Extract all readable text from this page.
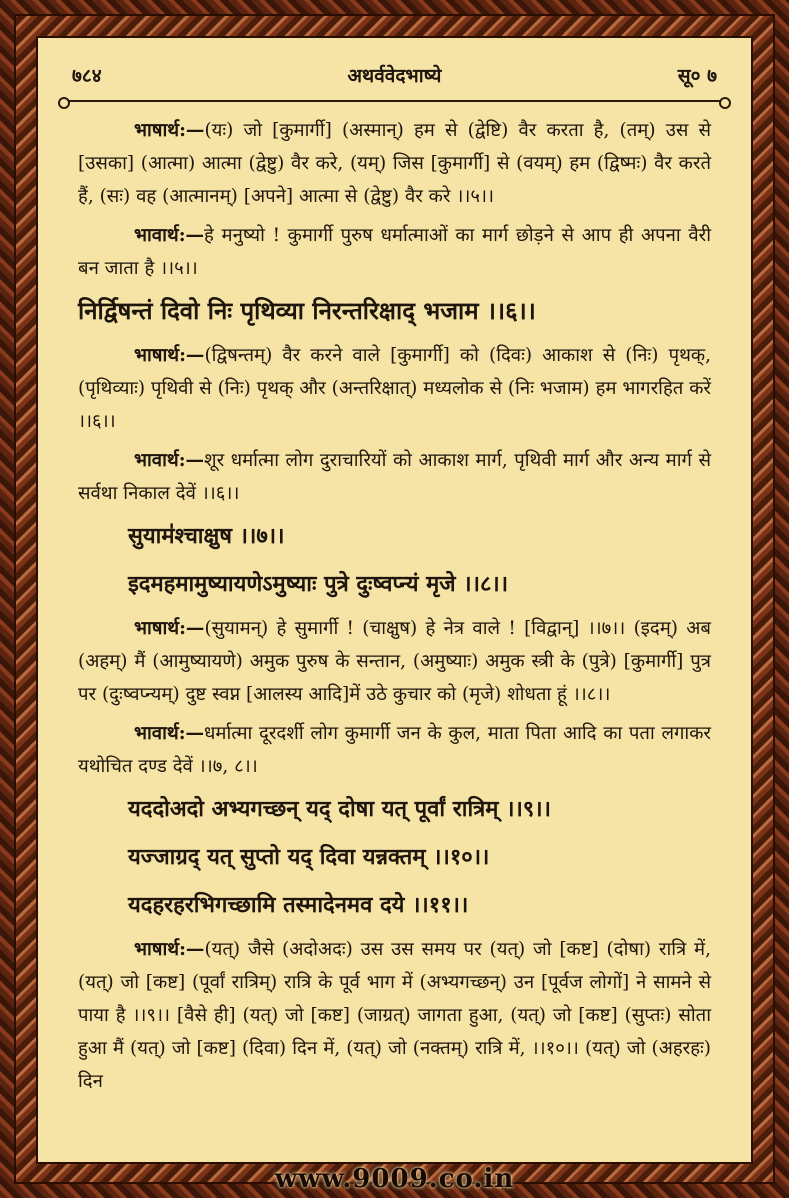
अथर्ववेदभाष्ये
७८४	सू० ७

भाषार्थ:—(यः) जो [कुमार्गी] (अस्मान्) हम से (द्वेष्टि) वैर करता है, (तम्) उस से [उसका] (आत्मा) आत्मा (द्वेष्टु) वैर करे, (यम्) जिस [कुमार्गी] से (वयम्) हम (द्विष्मः) वैर करते हैं, (सः) वह (आत्मानम्) [अपने] आत्मा से (द्वेष्टु) वैर करे ।।५।।

भावार्थ:—हे मनुष्यो ! कुमार्गी पुरुष धर्मात्माओं का मार्ग छोड़ने से आप ही अपना वैरी बन जाता है ।।५।।

निर्द्विषन्तं दिवो निः पृथिव्या निरन्तरिक्षाद् भजाम ।।६।।

भाषार्थ:—(द्विषन्तम्) वैर करने वाले [कुमार्गी] को (दिवः) आकाश से (निः) पृथक्, (पृथिव्याः) पृथिवी से (निः) पृथक् और (अन्तरिक्षात्) मध्यलोक से (निः भजाम) हम भागरहित करें ।।६।।

भावार्थ:—शूर धर्मात्मा लोग दुराचारियों को आकाश मार्ग, पृथिवी मार्ग और अन्य मार्ग से सर्वथा निकाल देवें ।।६।।

सुयाम॑श्चाक्षुष ।।७।।

इदमहमामुष्यायणेऽमुष्याः पुत्रे दुःष्वप्न्यं मृजे ।।८।।

भाषार्थ:—(सुयामन्) हे सुमार्गी ! (चाक्षुष) हे नेत्र वाले ! [विद्वान्] ।।७।। (इदम्) अब (अहम्) मैं (आमुष्यायणे) अमुक पुरुष के सन्तान, (अमुष्याः) अमुक स्त्री के (पुत्रे) [कुमार्गी] पुत्र पर (दुःष्वप्न्यम्) दुष्ट स्वप्न [आलस्य आदि]में उठे कुचार को (मृजे) शोधता हूं ।।८।।

भावार्थ:—धर्मात्मा दूरदर्शी लोग कुमार्गी जन के कुल, माता पिता आदि का पता लगाकर यथोचित दण्ड देवें ।।७, ८।।

यददोअदो अभ्यगच्छन् यद् दोषा यत् पूर्वां रात्रिम् ।।९।।

यज्जाग्रद् यत् सुप्तो यद् दिवा यन्नक्तम् ।।१०।।

यदहरहरभिगच्छामि तस्मादेनमव दये ।।११।।

भाषार्थ:—(यत्) जैसे (अदोअदः) उस उस समय पर (यत्) जो [कष्ट] (दोषा) रात्रि में, (यत्) जो [कष्ट] (पूर्वां रात्रिम्) रात्रि के पूर्व भाग में (अभ्यगच्छन्) उन [पूर्वज लोगों] ने सामने से पाया है ।।९।। [वैसे ही] (यत्) जो [कष्ट] (जाग्रत्) जागता हुआ, (यत्) जो [कष्ट] (सुप्तः) सोता हुआ मैं (यत्) जो [कष्ट] (दिवा) दिन में, (यत्) जो (नक्तम्) रात्रि में, ।।१०।। (यत्) जो (अहरहः) दिन

www.9009.co.in
